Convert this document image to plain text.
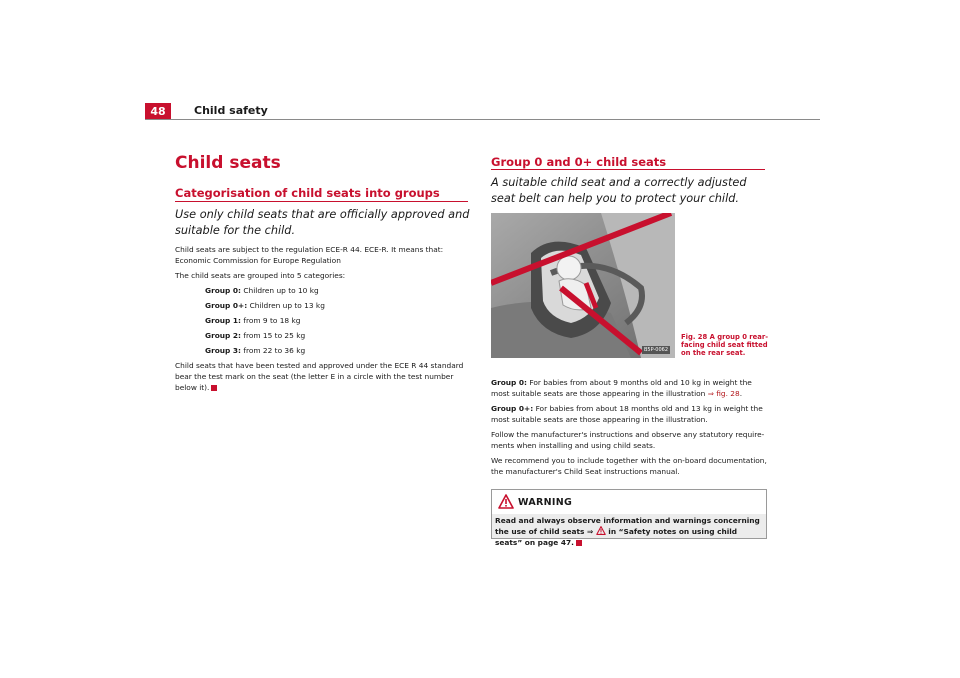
48	Child safety
Child seats
Categorisation of child seats into groups
Use only child seats that are officially approved and suitable for the child.

Child seats are subject to the regulation ECE-R 44. ECE-R. It means that: Economic Commission for Europe Regulation

The child seats are grouped into 5 categories:

Group 0: Children up to 10 kg

Group 0+: Children up to 13 kg

Group 1: from 9 to 18 kg

Group 2: from 15 to 25 kg

Group 3: from 22 to 36 kg

Child seats that have been tested and approved under the ECE R 44 standard bear the test mark on the seat (the letter E in a circle with the test number below it).

Group 0 and 0+ child seats
A suitable child seat and a correctly adjusted seat belt can help you to protect your child.
B5P-0062
Fig. 28 A group 0 rear-facing child seat fitted on the rear seat.

Group 0: For babies from about 9 months old and 10 kg in weight the most suitable seats are those appearing in the illustration ⇒ fig. 28.

Group 0+: For babies from about 18 months old and 13 kg in weight the most suitable seats are those appearing in the illustration.

Follow the manufacturer's instructions and observe any statutory requirements when installing and using child seats.

We recommend you to include together with the on-board documentation, the manufacturer's Child Seat instructions manual.

WARNING
Read and always observe information and warnings concerning the use of child seats ⇒  in “Safety notes on using child seats” on page 47.
